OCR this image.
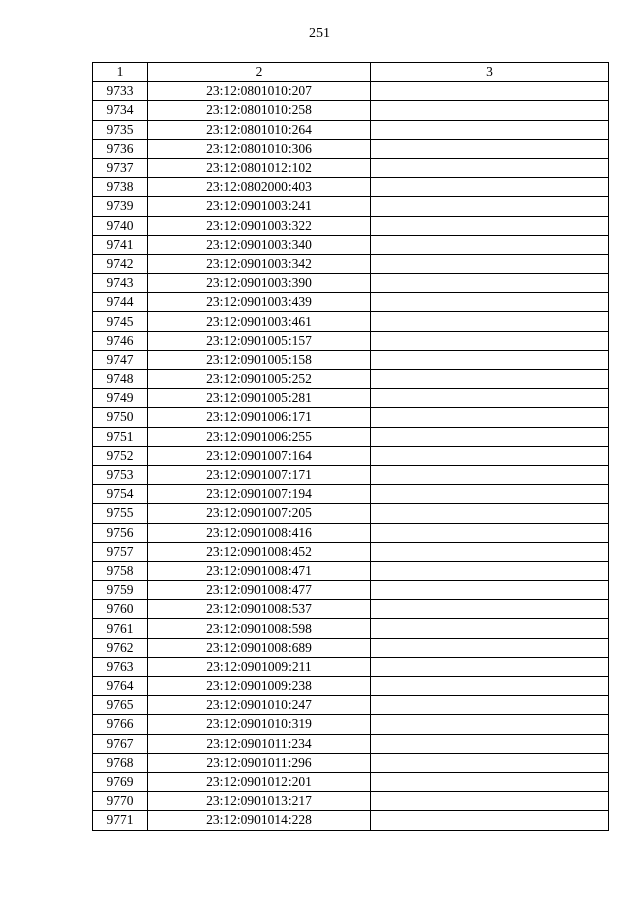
251
1	2	3
9733	23:12:0801010:207	
9734	23:12:0801010:258	
9735	23:12:0801010:264	
9736	23:12:0801010:306	
9737	23:12:0801012:102	
9738	23:12:0802000:403	
9739	23:12:0901003:241	
9740	23:12:0901003:322	
9741	23:12:0901003:340	
9742	23:12:0901003:342	
9743	23:12:0901003:390	
9744	23:12:0901003:439	
9745	23:12:0901003:461	
9746	23:12:0901005:157	
9747	23:12:0901005:158	
9748	23:12:0901005:252	
9749	23:12:0901005:281	
9750	23:12:0901006:171	
9751	23:12:0901006:255	
9752	23:12:0901007:164	
9753	23:12:0901007:171	
9754	23:12:0901007:194	
9755	23:12:0901007:205	
9756	23:12:0901008:416	
9757	23:12:0901008:452	
9758	23:12:0901008:471	
9759	23:12:0901008:477	
9760	23:12:0901008:537	
9761	23:12:0901008:598	
9762	23:12:0901008:689	
9763	23:12:0901009:211	
9764	23:12:0901009:238	
9765	23:12:0901010:247	
9766	23:12:0901010:319	
9767	23:12:0901011:234	
9768	23:12:0901011:296	
9769	23:12:0901012:201	
9770	23:12:0901013:217	
9771	23:12:0901014:228	
